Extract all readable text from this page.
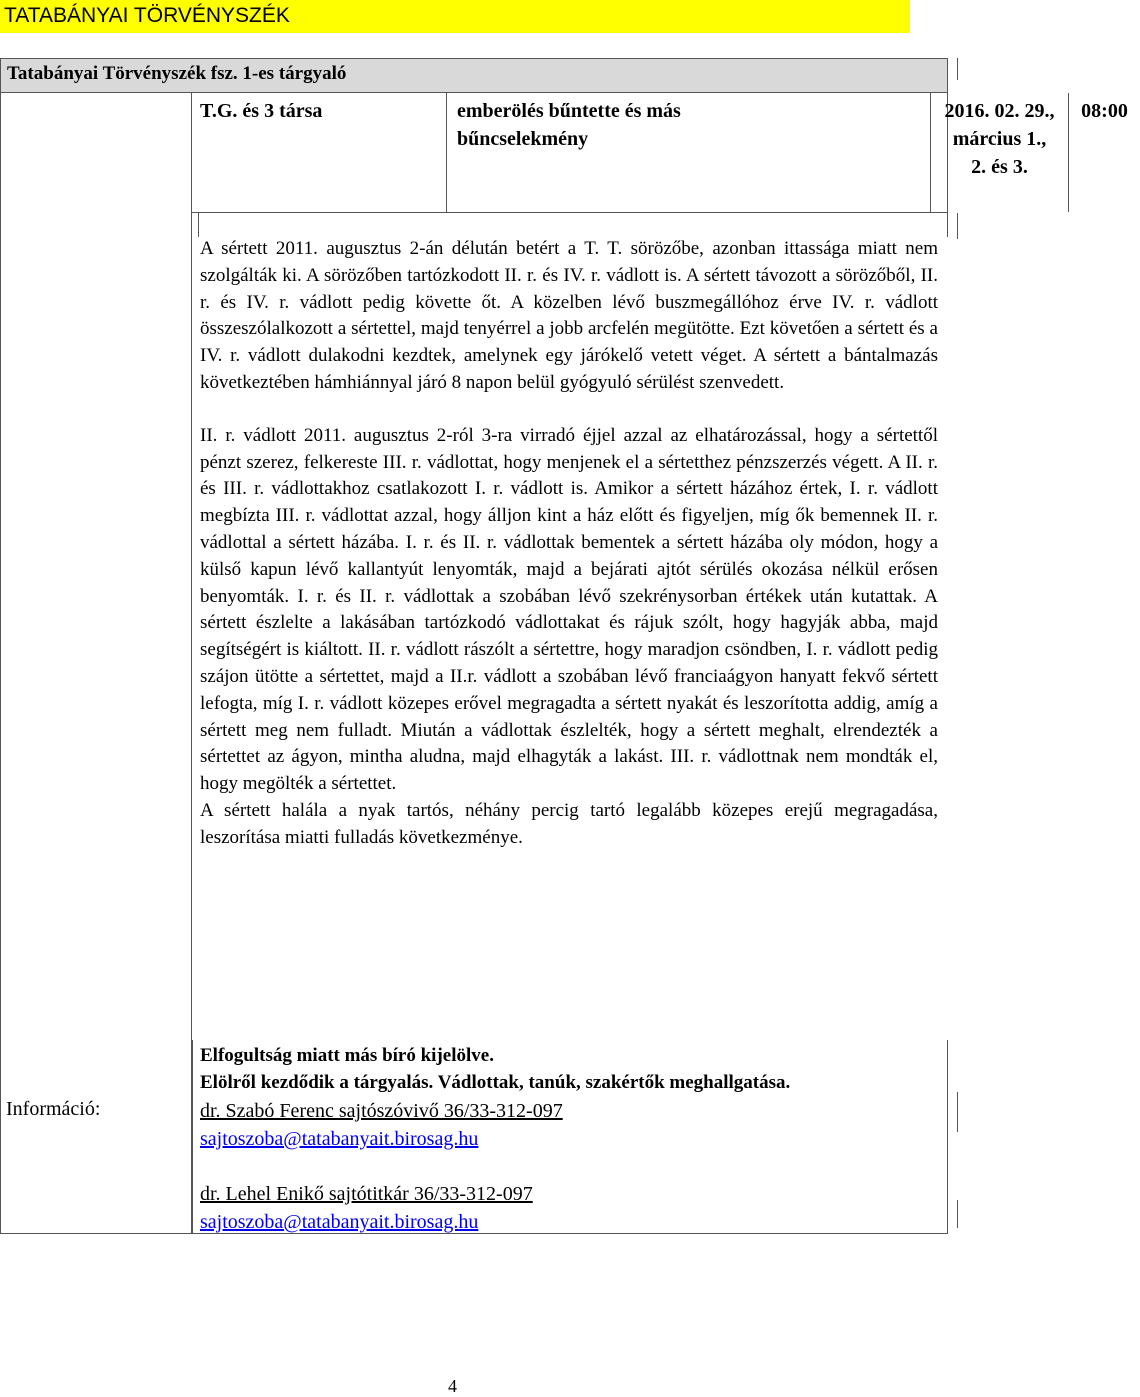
TATABÁNYAI TÖRVÉNYSZÉK
Tatabányai Törvényszék fsz. 1-es tárgyaló
T.G. és 3 társa	emberölés bűntette és más bűncselekmény
2016. 02. 29., március 1., 2. és 3.
08:00

A sértett 2011. augusztus 2-án délután betért a T. T. sörözőbe, azonban ittassága miatt nem szolgálták ki. A sörözőben tartózkodott II. r. és IV. r. vádlott is. A sértett távozott a sörözőből, II. r. és IV. r. vádlott pedig követte őt. A közelben lévő buszmegállóhoz érve IV. r. vádlott összeszólalkozott a sértettel, majd tenyérrel a jobb arcfelén megütötte. Ezt követően a sértett és a IV. r. vádlott dulakodni kezdtek, amelynek egy járókelő vetett véget. A sértett a bántalmazás következtében hámhiánnyal járó 8 napon belül gyógyuló sérülést szenvedett.

II. r. vádlott 2011. augusztus 2-ról 3-ra virradó éjjel azzal az elhatározással, hogy a sértettől pénzt szerez, felkereste III. r. vádlottat, hogy menjenek el a sértetthez pénzszerzés végett. A II. r. és III. r. vádlottakhoz csatlakozott I. r. vádlott is. Amikor a sértett házához értek, I. r. vádlott megbízta III. r. vádlottat azzal, hogy álljon kint a ház előtt és figyeljen, míg ők bemennek II. r. vádlottal a sértett házába. I. r. és II. r. vádlottak bementek a sértett házába oly módon, hogy a külső kapun lévő kallantyút lenyomták, majd a bejárati ajtót sérülés okozása nélkül erősen benyomták. I. r. és II. r. vádlottak a szobában lévő szekrénysorban értékek után kutattak. A sértett észlelte a lakásában tartózkodó vádlottakat és rájuk szólt, hogy hagyják abba, majd segítségért is kiáltott. II. r. vádlott rászólt a sértettre, hogy maradjon csöndben, I. r. vádlott pedig szájon ütötte a sértettet, majd a II.r. vádlott a szobában lévő franciaágyon hanyatt fekvő sértett lefogta, míg I. r. vádlott közepes erővel megragadta a sértett nyakát és leszorította addig, amíg a sértett meg nem fulladt. Miután a vádlottak észlelték, hogy a sértett meghalt, elrendezték a sértettet az ágyon, mintha aludna, majd elhagyták a lakást. III. r. vádlottnak nem mondták el, hogy megölték a sértettet.

A sértett halála a nyak tartós, néhány percig tartó legalább közepes erejű megragadása, leszorítása miatti fulladás következménye.

Elfogultság miatt más bíró kijelölve.
Elölről kezdődik a tárgyalás. Vádlottak, tanúk, szakértők meghallgatása.
Információ:	dr. Szabó Ferenc sajtószóvivő 36/33-312-097
sajtoszoba@tatabanyait.birosag.hu
dr. Lehel Enikő sajtótitkár 36/33-312-097
sajtoszoba@tatabanyait.birosag.hu
4
